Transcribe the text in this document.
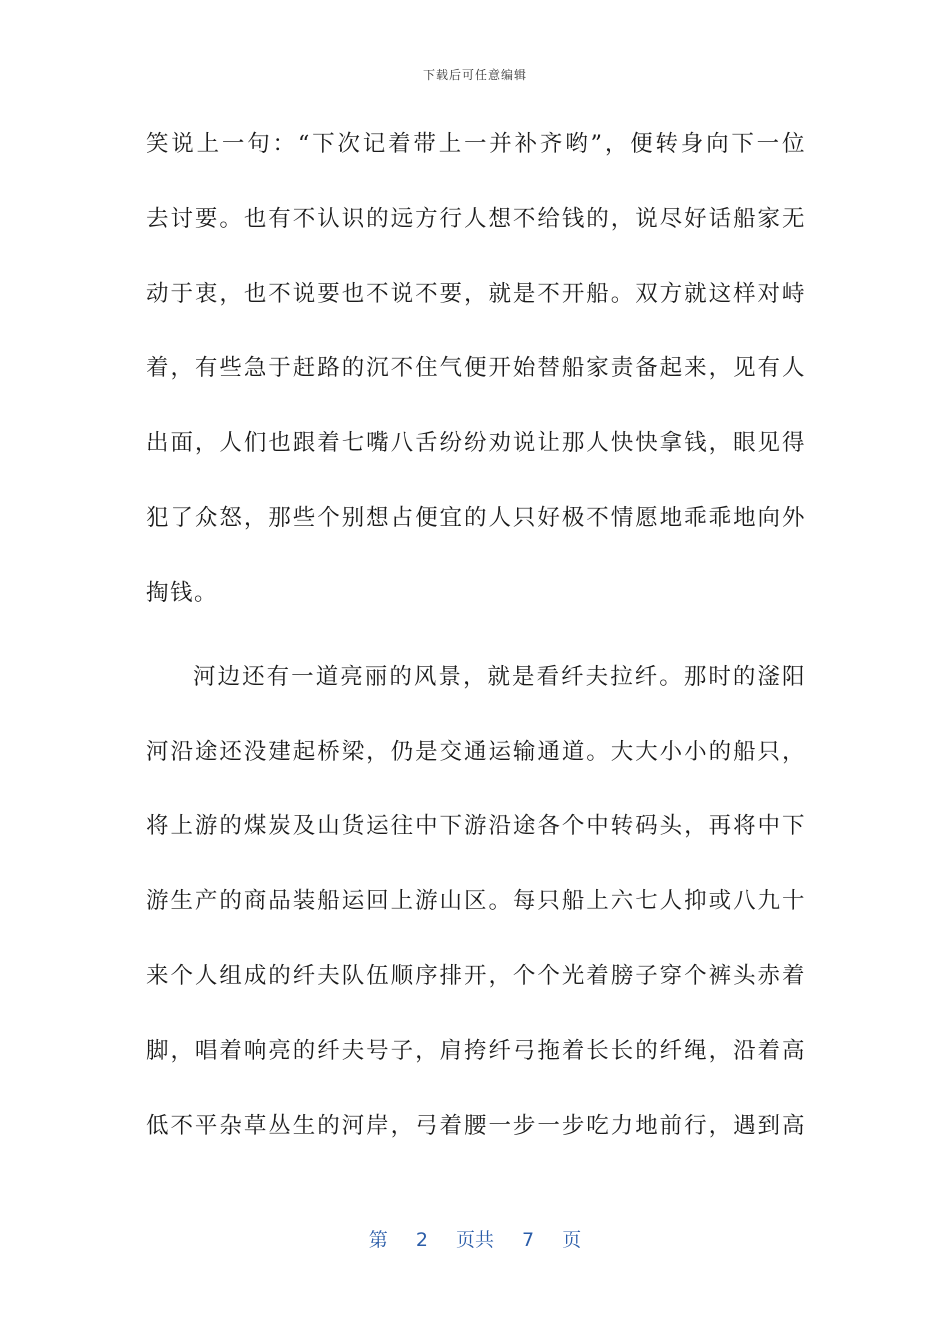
下载后可任意编辑
笑说上一句：“下次记着带上一并补齐哟”，便转身向下一位
去讨要。也有不认识的远方行人想不给钱的，说尽好话船家无
动于衷，也不说要也不说不要，就是不开船。双方就这样对峙
着，有些急于赶路的沉不住气便开始替船家责备起来，见有人
出面，人们也跟着七嘴八舌纷纷劝说让那人快快拿钱，眼见得
犯了众怒，那些个别想占便宜的人只好极不情愿地乖乖地向外
掏钱。
河边还有一道亮丽的风景，就是看纤夫拉纤。那时的滏阳
河沿途还没建起桥梁，仍是交通运输通道。大大小小的船只，
将上游的煤炭及山货运往中下游沿途各个中转码头，再将中下
游生产的商品装船运回上游山区。每只船上六七人抑或八九十
来个人组成的纤夫队伍顺序排开，个个光着膀子穿个裤头赤着
脚，唱着响亮的纤夫号子，肩挎纤弓拖着长长的纤绳，沿着高
低不平杂草丛生的河岸，弓着腰一步一步吃力地前行，遇到高
第 2 页共 7 页
